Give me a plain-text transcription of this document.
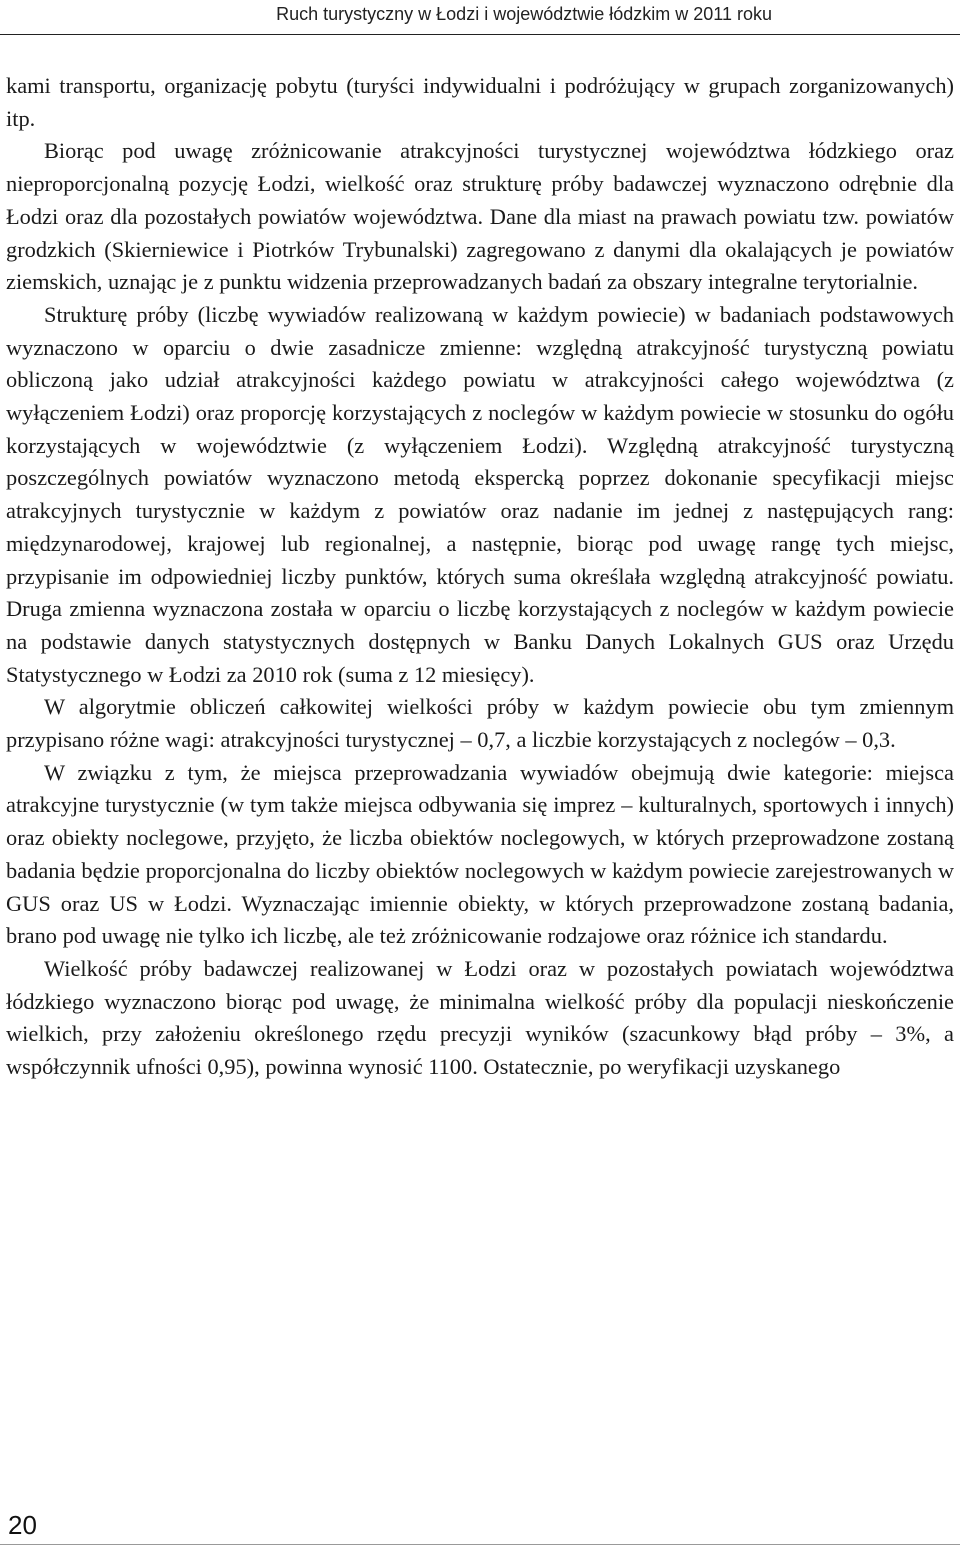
Ruch turystyczny w Łodzi i województwie łódzkim w 2011 roku

kami transportu, organizację pobytu (turyści indywidualni i podróżujący w grupach zorganizowanych) itp.

Biorąc pod uwagę zróżnicowanie atrakcyjności turystycznej województwa łódzkiego oraz nieproporcjonalną pozycję Łodzi, wielkość oraz strukturę próby badawczej wyznaczono odrębnie dla Łodzi oraz dla pozostałych powiatów województwa. Dane dla miast na prawach powiatu tzw. powiatów grodzkich (Skierniewice i Piotrków Trybunalski) zagregowano z danymi dla okalających je powiatów ziemskich, uznając je z punktu widzenia przeprowadzanych badań za obszary integralne terytorialnie.

Strukturę próby (liczbę wywiadów realizowaną w każdym powiecie) w badaniach podstawowych wyznaczono w oparciu o dwie zasadnicze zmienne: względną atrakcyjność turystyczną powiatu obliczoną jako udział atrakcyjności każdego powiatu w atrakcyjności całego województwa (z wyłączeniem Łodzi) oraz proporcję korzystających z noclegów w każdym powiecie w stosunku do ogółu korzystających w województwie (z wyłączeniem Łodzi). Względną atrakcyjność turystyczną poszczególnych powiatów wyznaczono metodą ekspercką poprzez dokonanie specyfikacji miejsc atrakcyjnych turystycznie w każdym z powiatów oraz nadanie im jednej z następujących rang: międzynarodowej, krajowej lub regionalnej, a następnie, biorąc pod uwagę rangę tych miejsc, przypisanie im odpowiedniej liczby punktów, których suma określała względną atrakcyjność powiatu. Druga zmienna wyznaczona została w oparciu o liczbę korzystających z noclegów w każdym powiecie na podstawie danych statystycznych dostępnych w Banku Danych Lokalnych GUS oraz Urzędu Statystycznego w Łodzi za 2010 rok (suma z 12 miesięcy).

W algorytmie obliczeń całkowitej wielkości próby w każdym powiecie obu tym zmiennym przypisano różne wagi: atrakcyjności turystycznej – 0,7, a liczbie korzystających z noclegów – 0,3.

W związku z tym, że miejsca przeprowadzania wywiadów obejmują dwie kategorie: miejsca atrakcyjne turystycznie (w tym także miejsca odbywania się imprez – kulturalnych, sportowych i innych) oraz obiekty noclegowe, przyjęto, że liczba obiektów noclegowych, w których przeprowadzone zostaną badania będzie proporcjonalna do liczby obiektów noclegowych w każdym powiecie zarejestrowanych w GUS oraz US w Łodzi. Wyznaczając imiennie obiekty, w których przeprowadzone zostaną badania, brano pod uwagę nie tylko ich liczbę, ale też zróżnicowanie rodzajowe oraz różnice ich standardu.

Wielkość próby badawczej realizowanej w Łodzi oraz w pozostałych powiatach województwa łódzkiego wyznaczono biorąc pod uwagę, że minimalna wielkość próby dla populacji nieskończenie wielkich, przy założeniu określonego rzędu precyzji wyników (szacunkowy błąd próby – 3%, a współczynnik ufności 0,95), powinna wynosić 1100. Ostatecznie, po weryfikacji uzyskanego

20
